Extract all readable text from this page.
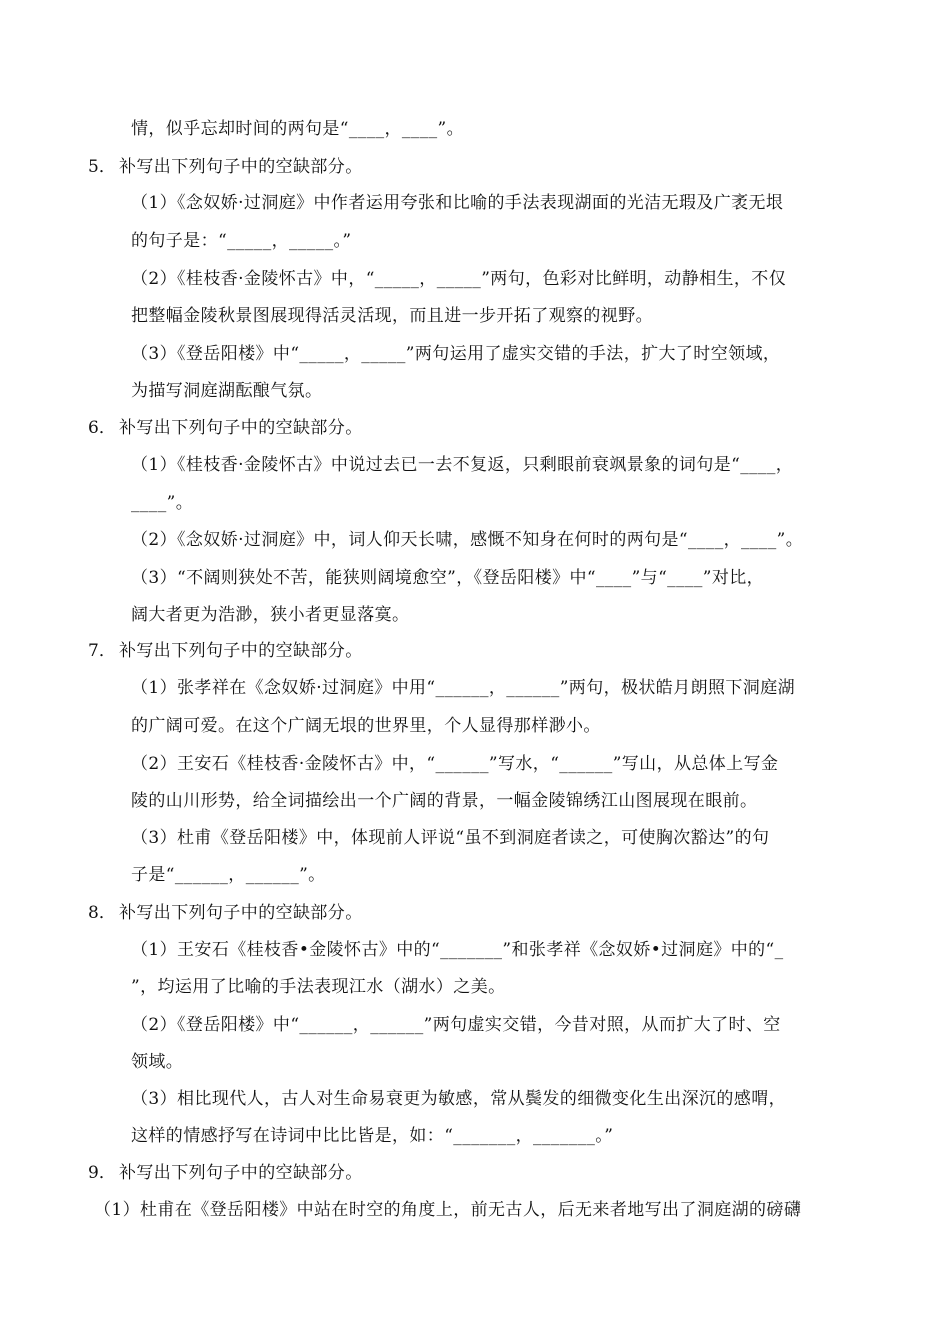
情，似乎忘却时间的两句是“____，____”。
5． 补写出下列句子中的空缺部分。
（1）《念奴娇·过洞庭》中作者运用夸张和比喻的手法表现湖面的光洁无瑕及广袤无垠
的句子是：“_____，_____。”
（2）《桂枝香·金陵怀古》中，“_____，_____”两句，色彩对比鲜明，动静相生，不仅
把整幅金陵秋景图展现得活灵活现，而且进一步开拓了观察的视野。
（3）《登岳阳楼》中“_____，_____”两句运用了虚实交错的手法，扩大了时空领域，
为描写洞庭湖酝酿气氛。
6． 补写出下列句子中的空缺部分。
（1）《桂枝香·金陵怀古》中说过去已一去不复返，只剩眼前衰飒景象的词句是“____，
____”。
（2）《念奴娇·过洞庭》中，词人仰天长啸，感慨不知身在何时的两句是“____，____”。
（3）“不阔则狭处不苦，能狭则阔境愈空”，《登岳阳楼》中“____”与“____”对比，
阔大者更为浩渺，狭小者更显落寞。
7． 补写出下列句子中的空缺部分。
（1）张孝祥在《念奴娇·过洞庭》中用“______，______”两句，极状皓月朗照下洞庭湖
的广阔可爱。在这个广阔无垠的世界里，个人显得那样渺小。
（2）王安石《桂枝香·金陵怀古》中，“______”写水，“______”写山，从总体上写金
陵的山川形势，给全词描绘出一个广阔的背景，一幅金陵锦绣江山图展现在眼前。
（3）杜甫《登岳阳楼》中，体现前人评说“虽不到洞庭者读之，可使胸次豁达”的句
子是“______，______”。
8． 补写出下列句子中的空缺部分。
（1）王安石《桂枝香•金陵怀古》中的“_______”和张孝祥《念奴娇•过洞庭》中的“_
”，均运用了比喻的手法表现江水（湖水）之美。
（2）《登岳阳楼》中“______，______”两句虚实交错，今昔对照，从而扩大了时、空
领域。
（3）相比现代人，古人对生命易衰更为敏感，常从鬓发的细微变化生出深沉的感喟，
这样的情感抒写在诗词中比比皆是，如：“_______，_______。”
9． 补写出下列句子中的空缺部分。
（1）杜甫在《登岳阳楼》中站在时空的角度上，前无古人，后无来者地写出了洞庭湖的磅礴
